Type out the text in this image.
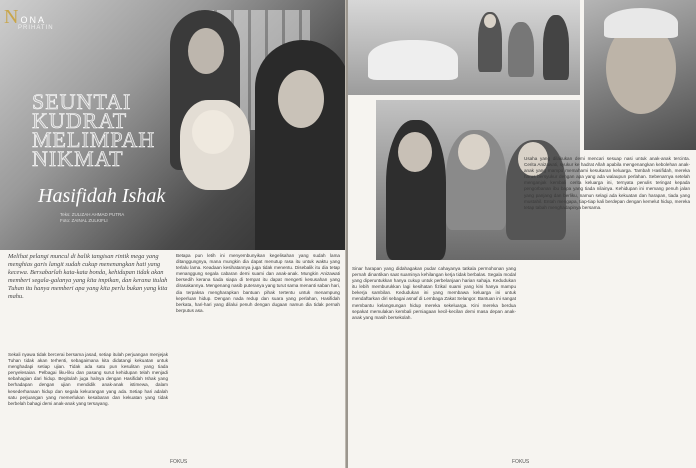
NONA
PRIHATIN
SEUNTAI KUDRAT MELIMPAH NIKMAT
Hasifidah Ishak
Teks: ZULIZAH AHMAD PUTRA
Foto: ZAINAL ZULKIFLI
Melihat pelangi muncul di balik tangisan rintik mega yang menghias garis langit sudah cukup menenangkan hati yang kecewa. Bersabarlah kata-kata bonda, kehidupan tidak akan memberi segala-galanya yang kita impikan, dan kerana itulah Tuhan itu hanya memberi apa yang kita perlu bukan yang kita mahu.
Sekali nyawa tidak bercerai bersama jasad, setiap itulah perjuangan menjejak Tuhan tidak akan terhenti, sebagaimana kita didatangi kekuatan untuk menghadapi setiap ujian. Tidak ada satu pun kesulitan yang tiada penyelesaian. Pelbagai liku-liku dan pasang surut kehidupan telah menjadi sebahagian dari hidup. Begitulah juga halnya dengan Hasifidah Ishak yang berhadapan dengan ujian mendidik anak-anak istimewa, dalam kesederhanaan hidup dan segala kekurangan yang ada. Setiap hari adalah satu perjuangan yang memerlukan kesabaran dan kekuatan yang tidak berbelah bahagi demi anak-anak yang tersayang.
Betapa pun letih ini menyembunyikan kegelisahan yang sudah lama ditanggungnya, mana mungkin dia dapat menutup rasa itu untuk waktu yang terlalu lama. Keadaan kesihatannya juga tidak menentu. Disebalik itu dia tetap menanggung segala cabaran demi suami dan anak-anak. Mungkin Anizawati bersedih kerana tiada siapa di tempat itu dapat mengerti kesusahan yang dirasakannya. Mengenang nasib puteranya yang turut sama menanti saban hari, dia terpaksa mengharapkan bantuan pihak tertentu untuk menampung keperluan hidup. Dengan nada redup dan suara yang perlahan, Hasifidah berkata, hari-hari yang dilalui penuh dengan dugaan namun dia tidak pernah berputus asa.
FOKUS
Sinar harapan yang didahagakan pudar cahayanya tatkala permohonan yang pernah dinantikan saat suaminya kehilangan kerja tidak berbalas. Segala modal yang diperuntukkan hanya cukup untuk perbelanjaan harian sahaja. Kedudukan itu lebih memburukkan lagi kesihatan fizikal suami yang kini hanya mampu bekerja sambilan. Kedudukan ini yang membawa keluarga ini untuk mendaftarkan diri sebagai asnaf di Lembaga Zakat Selangor. Bantuan ini sangat membantu kelangsungan hidup mereka sekeluarga. Kini mereka berdua sepakat memulakan kembali perniagaan kecil-kecilan demi masa depan anak-anak yang masih bersekolah.
Usaha yang dilakukan demi mencari sesuap nasi untuk anak-anak tercinta. Cerita Anizawati, syukur ke hadrat Allah apabila mengenangkan kebolehan anak-anak yang mampu memahami kesukaran keluarga. Tambah Hasifidah, mereka harus bersyukur dengan apa yang ada walaupun perlahan. Sebenarnya setelah menganjak kembali cerita keluarga ini, ternyata penulis teringat kepada pengorbanan ibu bapa yang tiada nilainya. Kehidupan ini memang penuh jalan yang panjang dan berliku, namun selagi ada kekuatan dan harapan, tiada yang mustahil. Entah mengapa, tiap-tiap kali berdepan dengan kemelut hidup, mereka tetap tabah menghadapinya bersama.
FOKUS
